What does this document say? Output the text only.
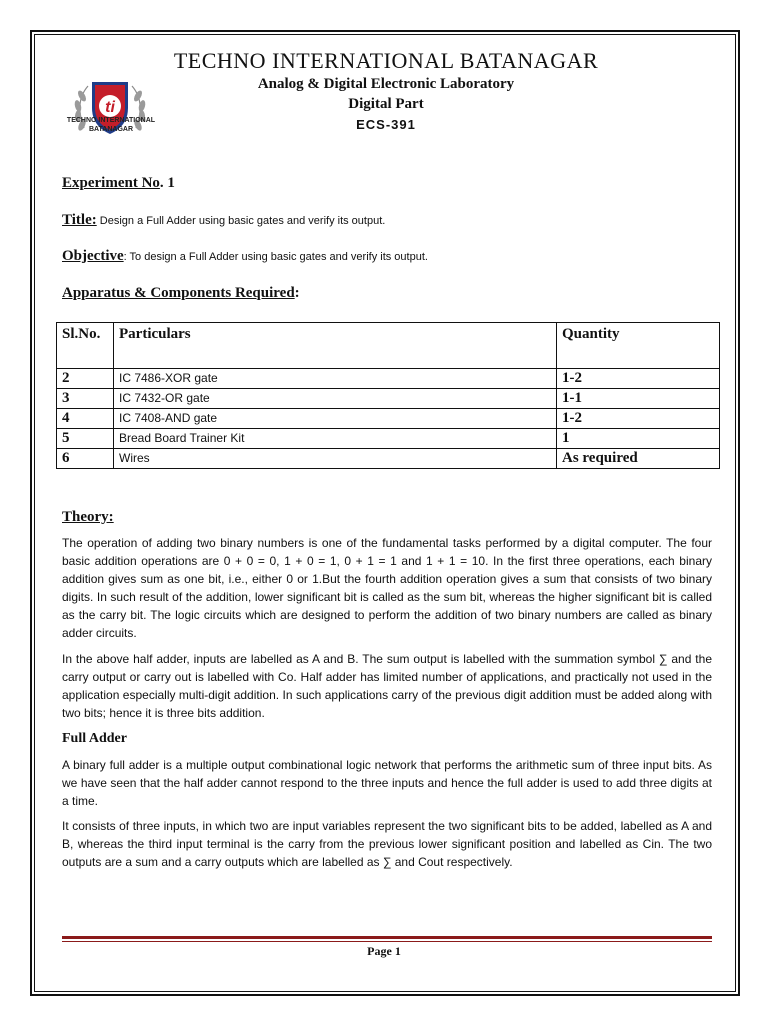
ti
TECHNO INTERNATIONAL
BATANAGAR
TECHNO INTERNATIONAL BATANAGAR
Analog & Digital Electronic Laboratory
Digital Part
ECS-391
Experiment No. 1
Title: Design a Full Adder using basic gates and verify its output.
Objective: To design a Full Adder using basic gates and verify its output.
Apparatus & Components Required:
Sl.No.	Particulars	Quantity
2	IC 7486-XOR gate	1-2
3	IC 7432-OR gate	1-1
4	IC 7408-AND gate	1-2
5	Bread Board Trainer Kit	1
6	Wires	As required
Theory:
The operation of adding two binary numbers is one of the fundamental tasks performed by a digital computer. The four basic addition operations are 0 + 0 = 0, 1 + 0 = 1, 0 + 1 = 1 and 1 + 1 = 10. In the first three operations, each binary addition gives sum as one bit, i.e., either 0 or 1.But the fourth addition operation gives a sum that consists of two binary digits. In such result of the addition, lower significant bit is called as the sum bit, whereas the higher significant bit is called as the carry bit. The logic circuits which are designed to perform the addition of two binary numbers are called as binary adder circuits.
In the above half adder, inputs are labelled as A and B. The sum output is labelled with the summation symbol ∑ and the carry output or carry out is labelled with Co. Half adder has limited number of applications, and practically not used in the application especially multi-digit addition. In such applications carry of the previous digit addition must be added along with two bits; hence it is three bits addition.
Full Adder
A binary full adder is a multiple output combinational logic network that performs the arithmetic sum of three input bits. As we have seen that the half adder cannot respond to the three inputs and hence the full adder is used to add three digits at a time.
It consists of three inputs, in which two are input variables represent the two significant bits to be added, labelled as A and B, whereas the third input terminal is the carry from the previous lower significant position and labelled as Cin. The two outputs are a sum and a carry outputs which are labelled as ∑ and Cout respectively.
Page 1
